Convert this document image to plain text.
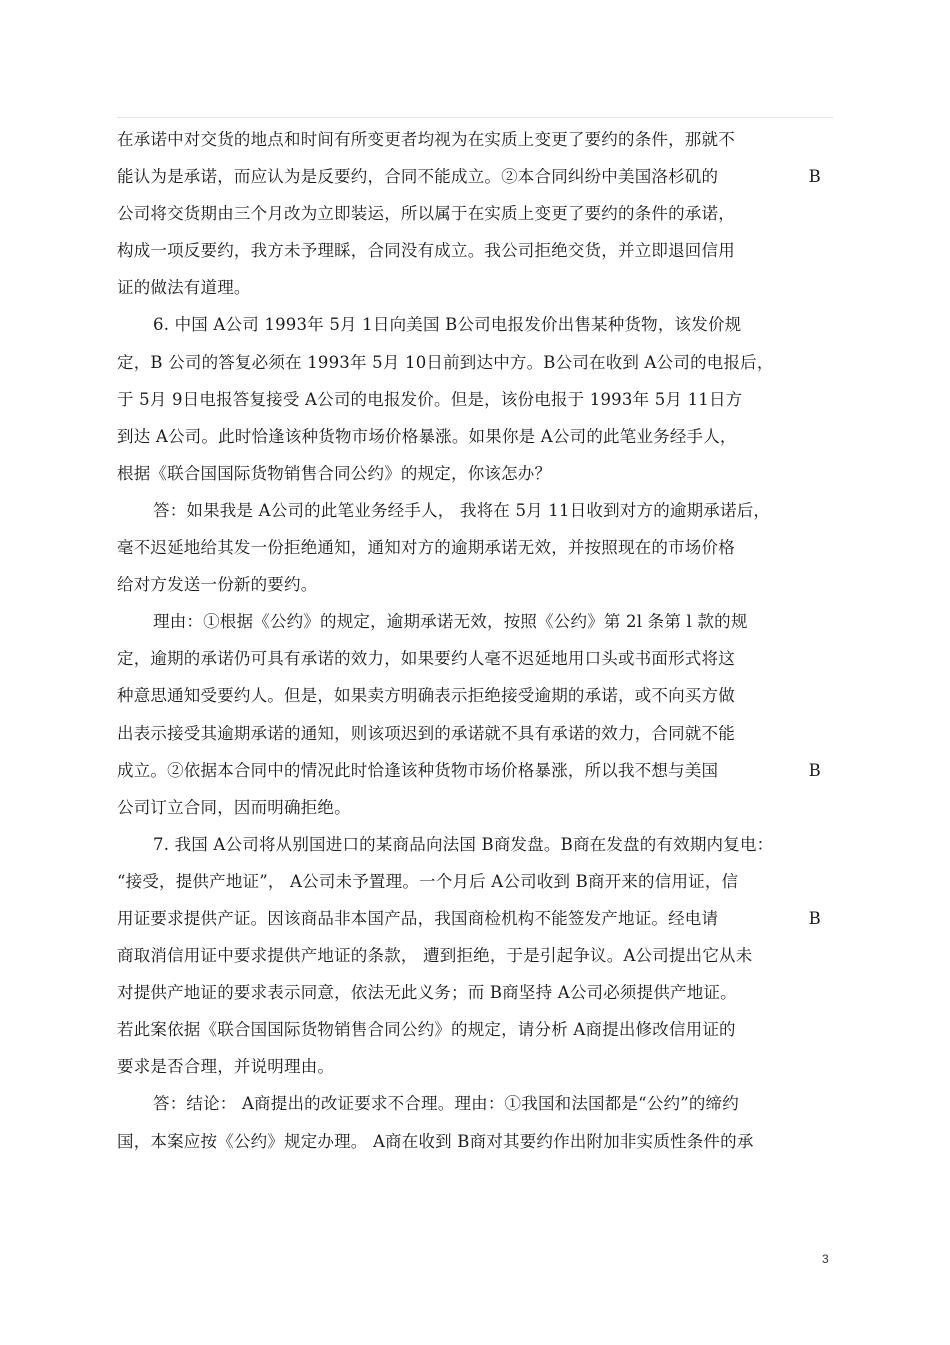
在承诺中对交货的地点和时间有所变更者均视为在实质上变更了要约的条件，那就不
能认为是承诺，而应认为是反要约，合同不能成立。②本合同纠纷中美国洛杉矶的	B
公司将交货期由三个月改为立即装运，所以属于在实质上变更了要约的条件的承诺，
构成一项反要约，我方未予理睬，合同没有成立。我公司拒绝交货，并立即退回信用
证的做法有道理。
6. 中国 A公司 1993年 5月 1日向美国 B公司电报发价出售某种货物，该发价规
定，B 公司的答复必须在 1993年 5月 10日前到达中方。B公司在收到 A公司的电报后，
于 5月 9日电报答复接受 A公司的电报发价。但是，该份电报于 1993年 5月 11日方
到达 A公司。此时恰逢该种货物市场价格暴涨。如果你是 A公司的此笔业务经手人，
根据《联合国国际货物销售合同公约》的规定，你该怎办？
答：如果我是 A公司的此笔业务经手人， 我将在 5月 11日收到对方的逾期承诺后，
毫不迟延地给其发一份拒绝通知，通知对方的逾期承诺无效，并按照现在的市场价格
给对方发送一份新的要约。
理由：①根据《公约》的规定，逾期承诺无效，按照《公约》第 2l 条第 l 款的规
定，逾期的承诺仍可具有承诺的效力，如果要约人毫不迟延地用口头或书面形式将这
种意思通知受要约人。但是，如果卖方明确表示拒绝接受逾期的承诺，或不向买方做
出表示接受其逾期承诺的通知，则该项迟到的承诺就不具有承诺的效力，合同就不能
成立。②依据本合同中的情况此时恰逢该种货物市场价格暴涨，所以我不想与美国	B
公司订立合同，因而明确拒绝。
7. 我国 A公司将从别国进口的某商品向法国 B商发盘。B商在发盘的有效期内复电：
“接受，提供产地证”， A公司未予置理。一个月后 A公司收到 B商开来的信用证，信
用证要求提供产证。因该商品非本国产品，我国商检机构不能签发产地证。经电请	B
商取消信用证中要求提供产地证的条款， 遭到拒绝，于是引起争议。A公司提出它从未
对提供产地证的要求表示同意，依法无此义务；而 B商坚持 A公司必须提供产地证。
若此案依据《联合国国际货物销售合同公约》的规定，请分析 A商提出修改信用证的
要求是否合理，并说明理由。
答：结论： A商提出的改证要求不合理。理由：①我国和法国都是“公约”的缔约
国，本案应按《公约》规定办理。 A商在收到 B商对其要约作出附加非实质性条件的承
3
